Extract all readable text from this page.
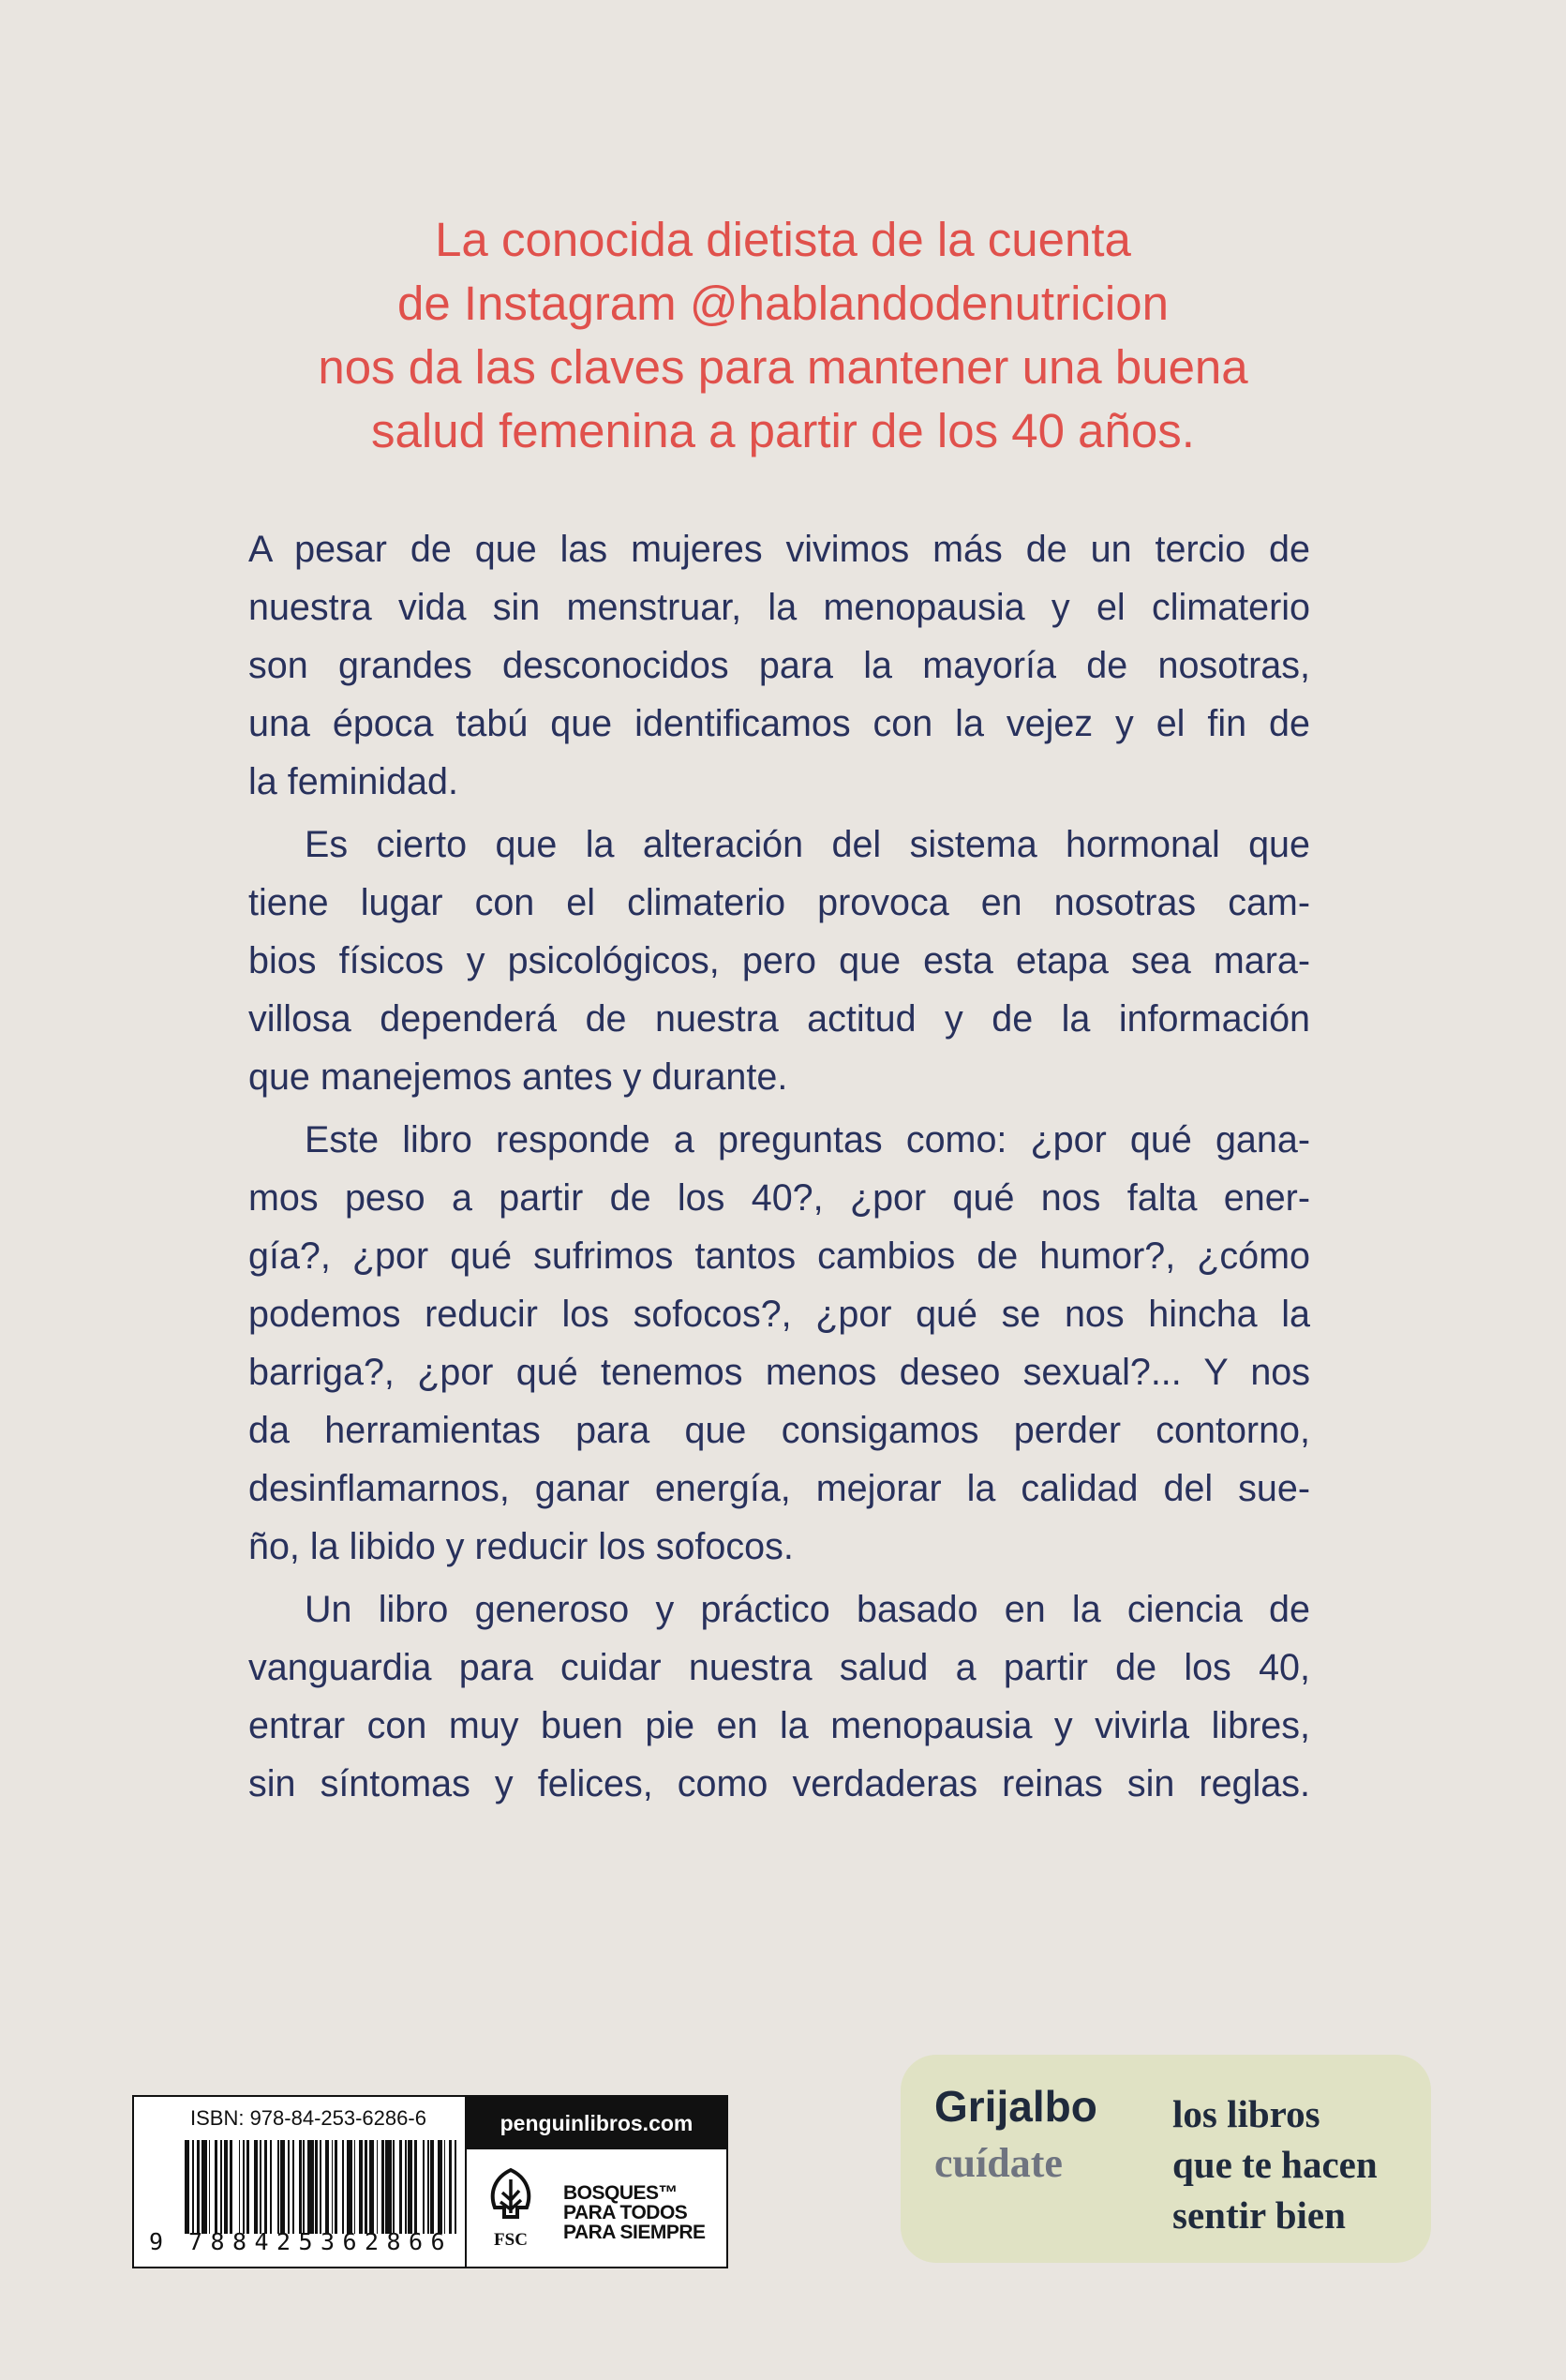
La conocida dietista de la cuenta
de Instagram @hablandodenutricion
nos da las claves para mantener una buena
salud femenina a partir de los 40 años.
A pesar de que las mujeres vivimos más de un tercio de
nuestra vida sin menstruar, la menopausia y el climaterio
son grandes desconocidos para la mayoría de nosotras,
una época tabú que identificamos con la vejez y el fin de
la feminidad.
Es cierto que la alteración del sistema hormonal que
tiene lugar con el climaterio provoca en nosotras cam-
bios físicos y psicológicos, pero que esta etapa sea mara-
villosa dependerá de nuestra actitud y de la información
que manejemos antes y durante.
Este libro responde a preguntas como: ¿por qué gana-
mos peso a partir de los 40?, ¿por qué nos falta ener-
gía?, ¿por qué sufrimos tantos cambios de humor?, ¿cómo
podemos reducir los sofocos?, ¿por qué se nos hincha la
barriga?, ¿por qué tenemos menos deseo sexual?... Y nos
da herramientas para que consigamos perder contorno,
desinflamarnos, ganar energía, mejorar la calidad del sue-
ño, la libido y reducir los sofocos.
Un libro generoso y práctico basado en la ciencia de
vanguardia para cuidar nuestra salud a partir de los 40,
entrar con muy buen pie en la menopausia y vivirla libres,
sin síntomas y felices, como verdaderas reinas sin reglas.
ISBN: 978-84-253-6286-6
9 7 8 8 4 2 5 3 6 2 8 6 6
penguinlibros.com
FSC
BOSQUES™
PARA TODOS
PARA SIEMPRE
Grijalbo
cuídate
los libros
que te hacen
sentir bien
